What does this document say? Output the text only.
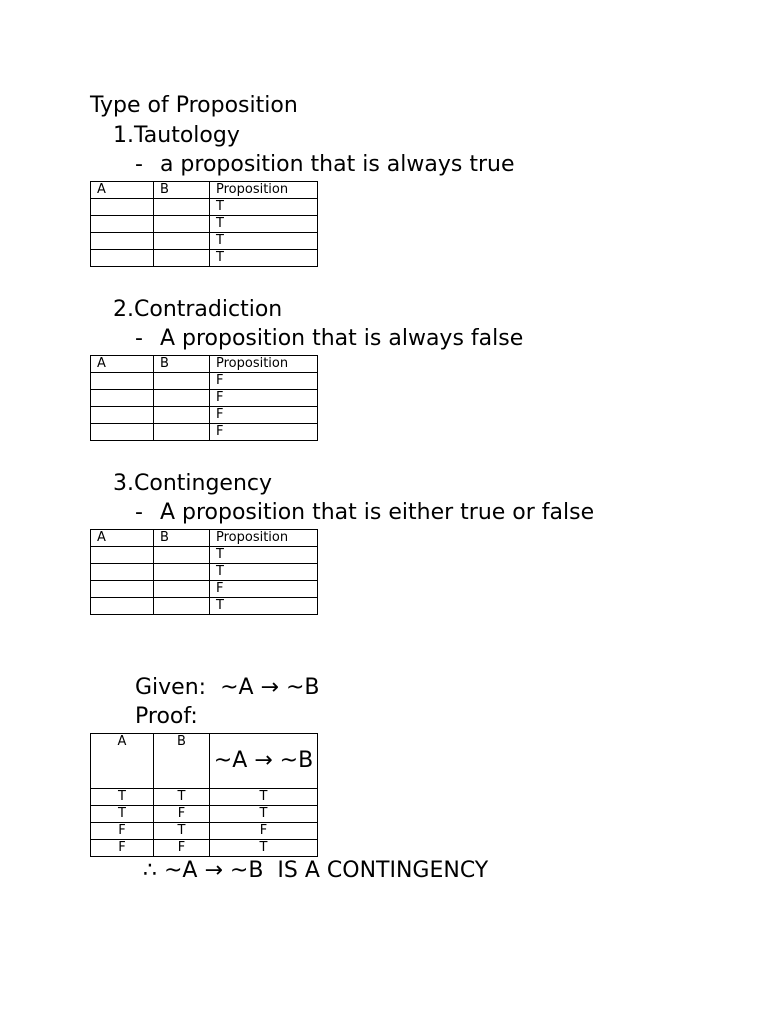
Type of Proposition
1.Tautology
- a proposition that is always true
A	B	Proposition
		T
		T
		T
		T
2.Contradiction
- A proposition that is always false
A	B	Proposition
		F
		F
		F
		F
3.Contingency
- A proposition that is either true or false
A	B	Proposition
		T
		T
		F
		T
Given: ~A → ~B
Proof:
A	B	~A → ~B
T	T	T
T	F	T
F	T	F
F	F	T
∴ ~A → ~B  IS A CONTINGENCY
